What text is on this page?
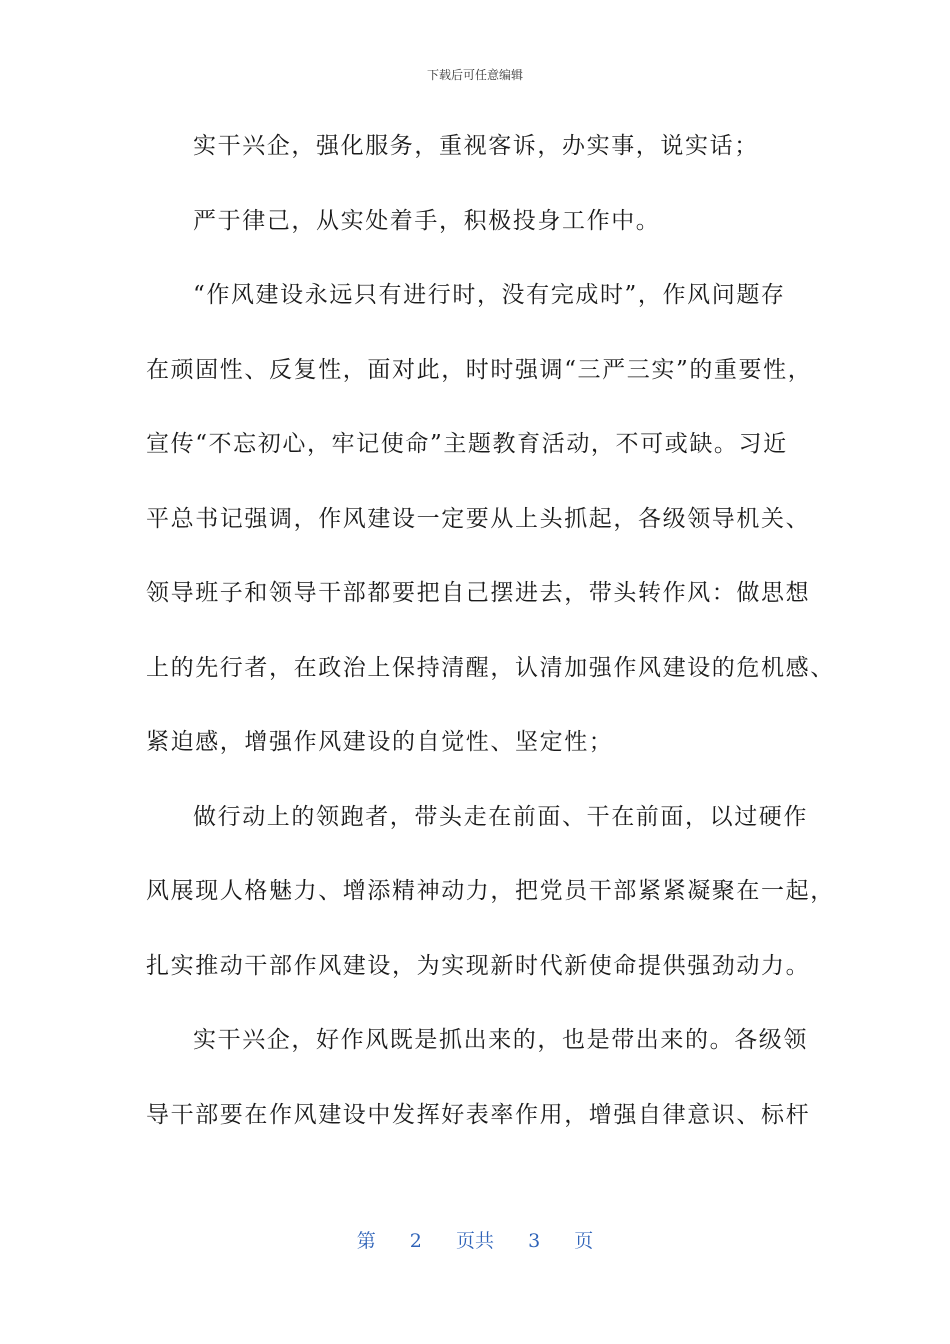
下载后可任意编辑
实干兴企，强化服务，重视客诉，办实事，说实话；
严于律己，从实处着手，积极投身工作中。
“作风建设永远只有进行时，没有完成时”，作风问题存
在顽固性、反复性，面对此，时时强调“三严三实”的重要性，
宣传“不忘初心，牢记使命”主题教育活动，不可或缺。习近
平总书记强调，作风建设一定要从上头抓起，各级领导机关、
领导班子和领导干部都要把自己摆进去，带头转作风：做思想
上的先行者，在政治上保持清醒，认清加强作风建设的危机感、
紧迫感，增强作风建设的自觉性、坚定性；
做行动上的领跑者，带头走在前面、干在前面，以过硬作
风展现人格魅力、增添精神动力，把党员干部紧紧凝聚在一起，
扎实推动干部作风建设，为实现新时代新使命提供强劲动力。
实干兴企，好作风既是抓出来的，也是带出来的。各级领
导干部要在作风建设中发挥好表率作用，增强自律意识、标杆
第 2 页共 3 页
